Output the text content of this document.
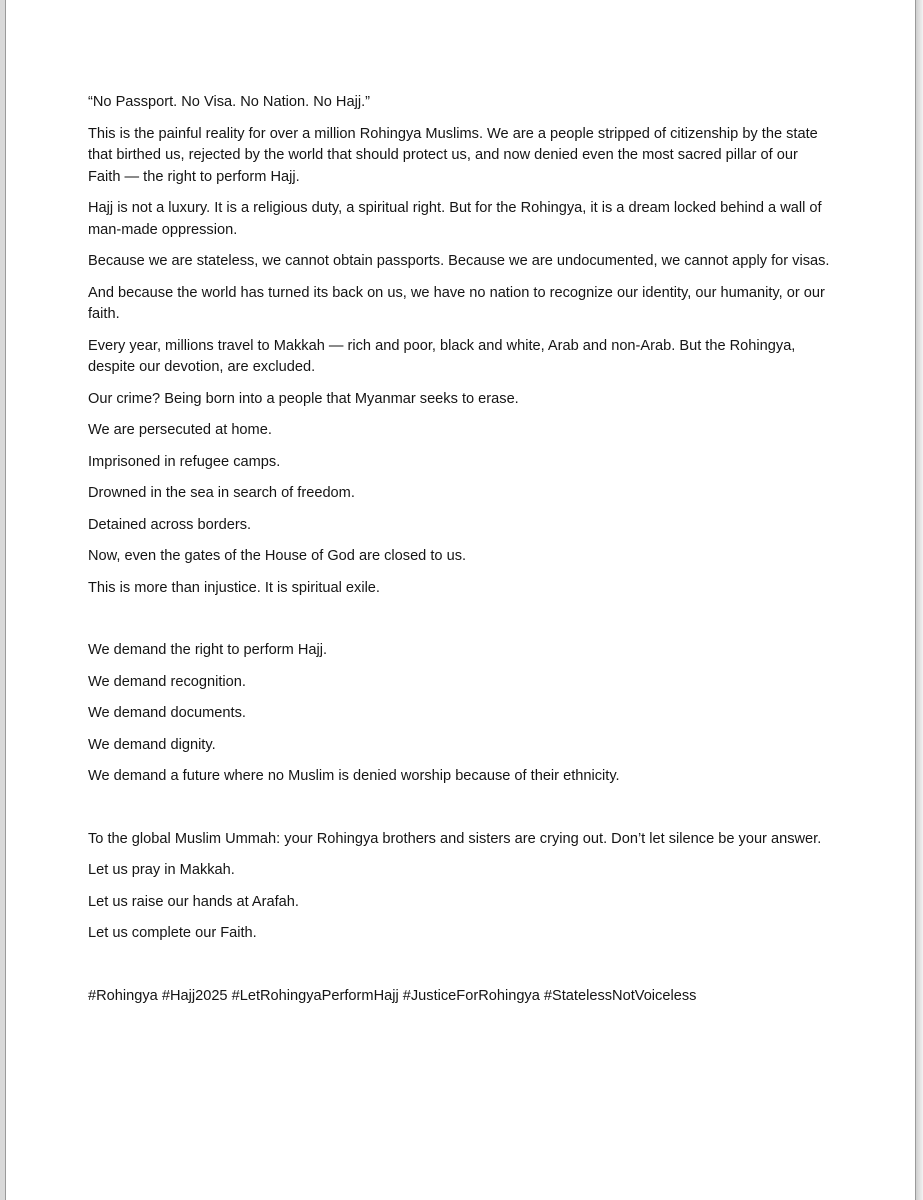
“No Passport. No Visa. No Nation. No Hajj.”

This is the painful reality for over a million Rohingya Muslims. We are a people stripped of citizenship by the state that birthed us, rejected by the world that should protect us, and now denied even the most sacred pillar of our Faith — the right to perform Hajj.

Hajj is not a luxury. It is a religious duty, a spiritual right. But for the Rohingya, it is a dream locked behind a wall of man-made oppression.

Because we are stateless, we cannot obtain passports. Because we are undocumented, we cannot apply for visas.

And because the world has turned its back on us, we have no nation to recognize our identity, our humanity, or our faith.

Every year, millions travel to Makkah — rich and poor, black and white, Arab and non-Arab. But the Rohingya, despite our devotion, are excluded.

Our crime? Being born into a people that Myanmar seeks to erase.

We are persecuted at home.

Imprisoned in refugee camps.

Drowned in the sea in search of freedom.

Detained across borders.

Now, even the gates of the House of God are closed to us.

This is more than injustice. It is spiritual exile.

We demand the right to perform Hajj.

We demand recognition.

We demand documents.

We demand dignity.

We demand a future where no Muslim is denied worship because of their ethnicity.

To the global Muslim Ummah: your Rohingya brothers and sisters are crying out. Don’t let silence be your answer.

Let us pray in Makkah.

Let us raise our hands at Arafah.

Let us complete our Faith.

#Rohingya #Hajj2025 #LetRohingyaPerformHajj #JusticeForRohingya #StatelessNotVoiceless
